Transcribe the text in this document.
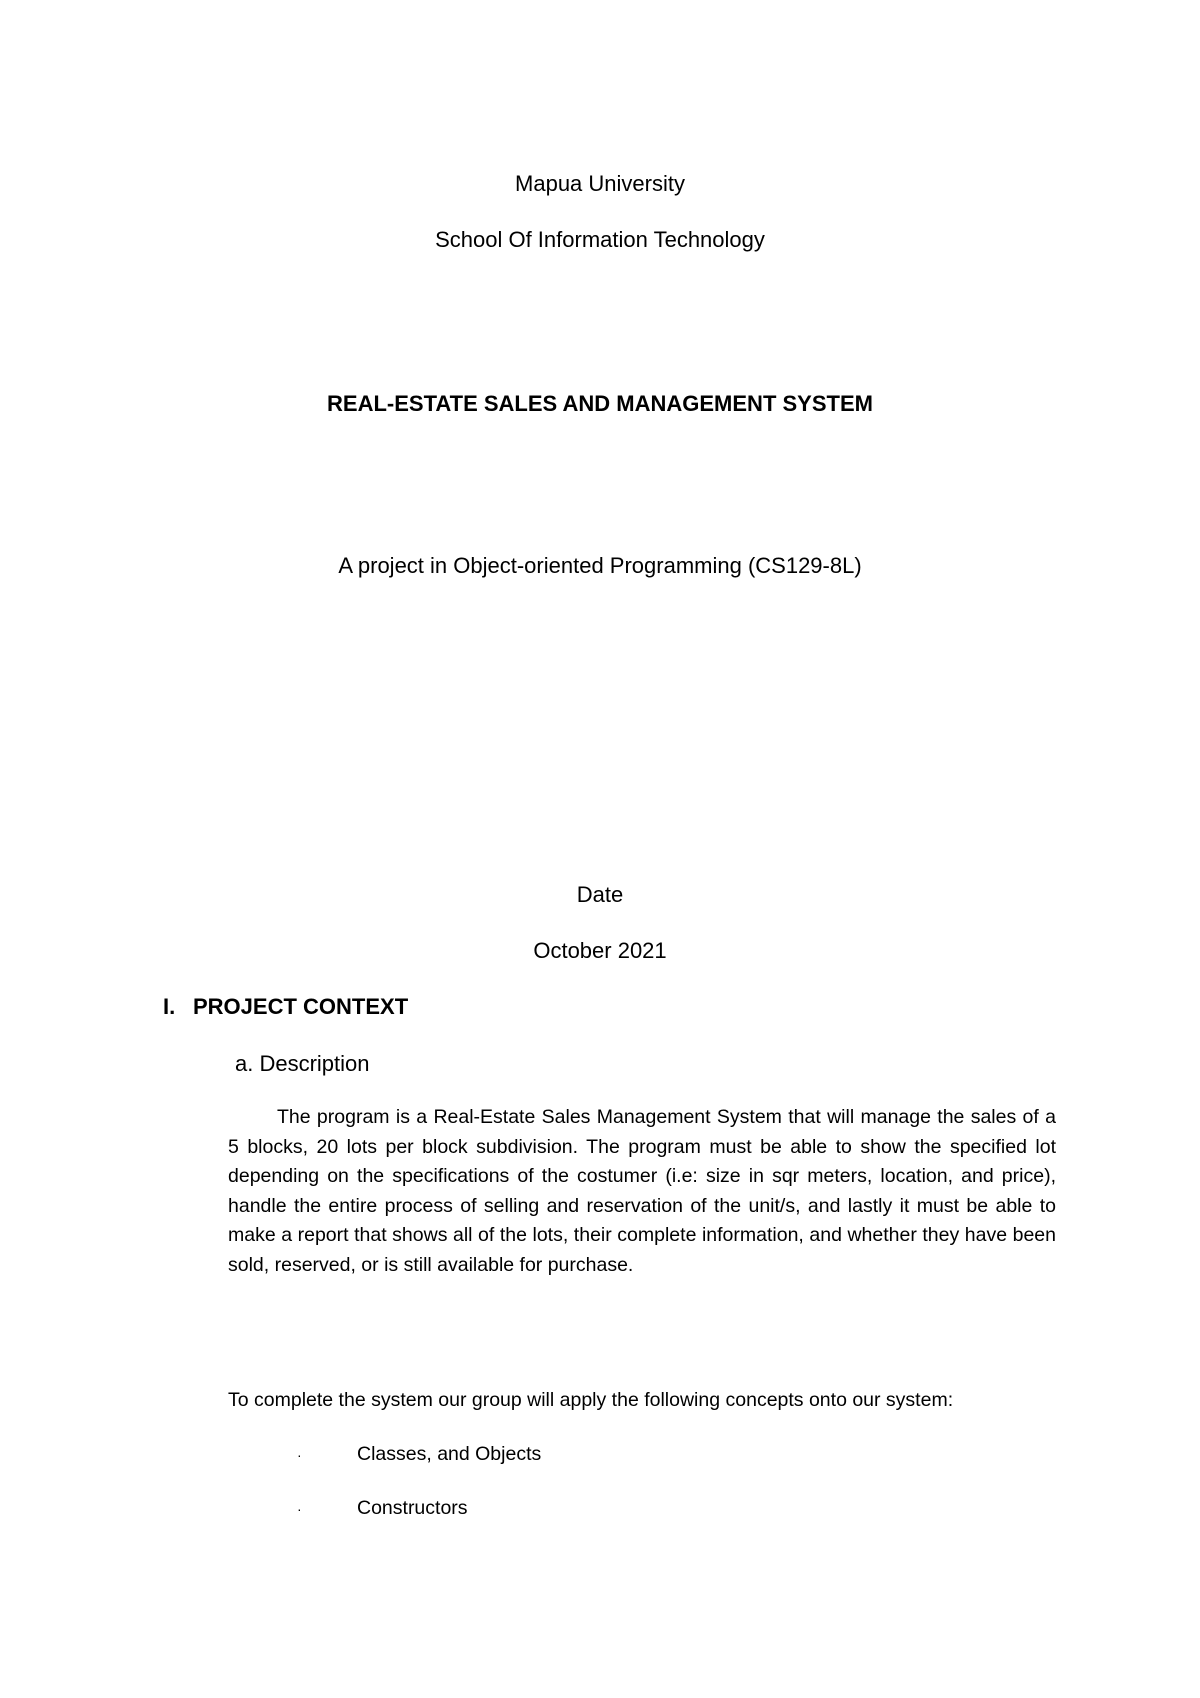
Mapua University
School Of Information Technology
REAL-ESTATE SALES AND MANAGEMENT SYSTEM
A project in Object-oriented Programming (CS129-8L)
Date
October 2021
I. PROJECT CONTEXT
a. Description

The program is a Real-Estate Sales Management System that will manage the sales of a 5 blocks, 20 lots per block subdivision. The program must be able to show the specified lot depending on the specifications of the costumer (i.e: size in sqr meters, location, and price), handle the entire process of selling and reservation of the unit/s, and lastly it must be able to make a report that shows all of the lots, their complete information, and whether they have been sold, reserved, or is still available for purchase.

To complete the system our group will apply the following concepts onto our system:
·	Classes, and Objects
·	Constructors
